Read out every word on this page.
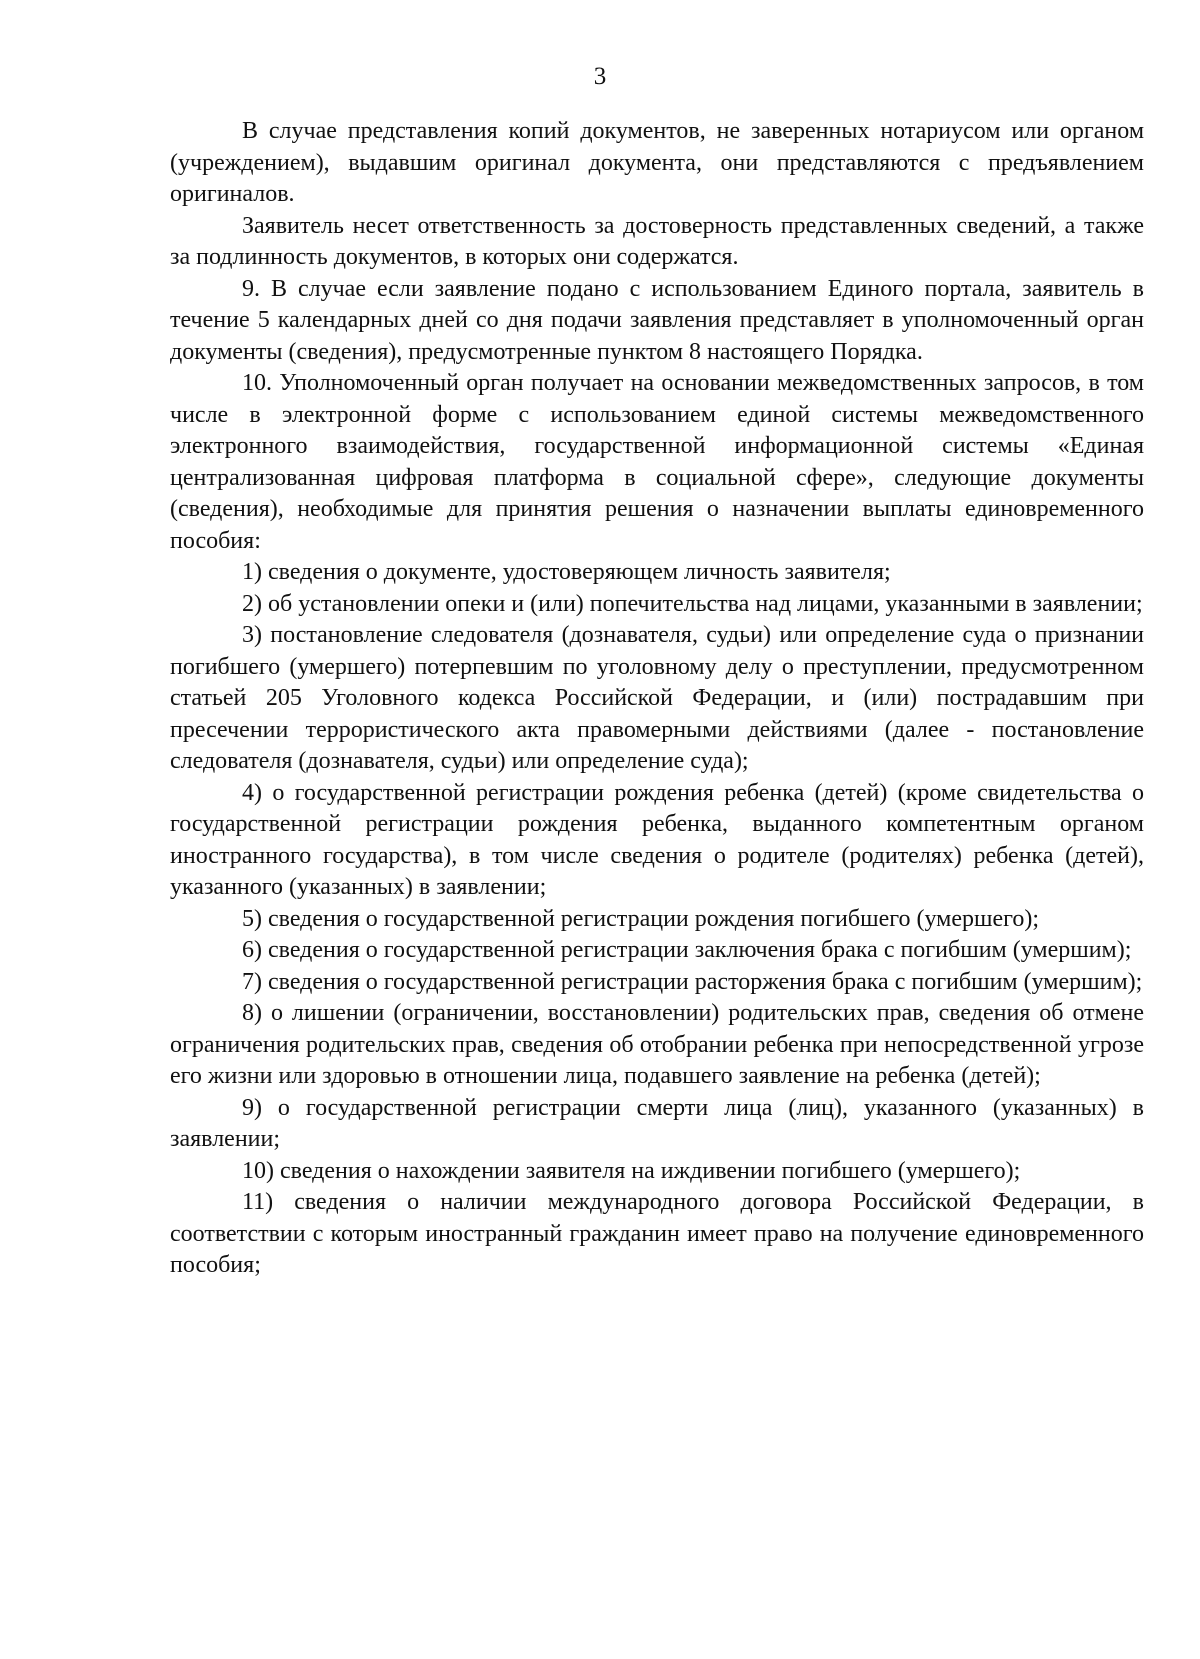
3

В случае представления копий документов, не заверенных нотариусом или органом (учреждением), выдавшим оригинал документа, они представляются с предъявлением оригиналов.

Заявитель несет ответственность за достоверность представленных сведений, а также за подлинность документов, в которых они содержатся.

9. В случае если заявление подано с использованием Единого портала, заявитель в течение 5 календарных дней со дня подачи заявления представляет в уполномоченный орган документы (сведения), предусмотренные пунктом 8 настоящего Порядка.

10. Уполномоченный орган получает на основании межведомственных запросов, в том числе в электронной форме с использованием единой системы межведомственного электронного взаимодействия, государственной информационной системы «Единая централизованная цифровая платформа в социальной сфере», следующие документы (сведения), необходимые для принятия решения о назначении выплаты единовременного пособия:

1) сведения о документе, удостоверяющем личность заявителя;

2) об установлении опеки и (или) попечительства над лицами, указанными в заявлении;

3) постановление следователя (дознавателя, судьи) или определение суда о признании погибшего (умершего) потерпевшим по уголовному делу о преступлении, предусмотренном статьей 205 Уголовного кодекса Российской Федерации, и (или) пострадавшим при пресечении террористического акта правомерными действиями (далее - постановление следователя (дознавателя, судьи) или определение суда);

4) о государственной регистрации рождения ребенка (детей) (кроме свидетельства о государственной регистрации рождения ребенка, выданного компетентным органом иностранного государства), в том числе сведения о родителе (родителях) ребенка (детей), указанного (указанных) в заявлении;

5) сведения о государственной регистрации рождения погибшего (умершего);

6) сведения о государственной регистрации заключения брака с погибшим (умершим);

7) сведения о государственной регистрации расторжения брака с погибшим (умершим);

8) о лишении (ограничении, восстановлении) родительских прав, сведения об отмене ограничения родительских прав, сведения об отобрании ребенка при непосредственной угрозе его жизни или здоровью в отношении лица, подавшего заявление на ребенка (детей);

9) о государственной регистрации смерти лица (лиц), указанного (указанных) в заявлении;

10) сведения о нахождении заявителя на иждивении погибшего (умершего);

11) сведения о наличии международного договора Российской Федерации, в соответствии с которым иностранный гражданин имеет право на получение единовременного пособия;
